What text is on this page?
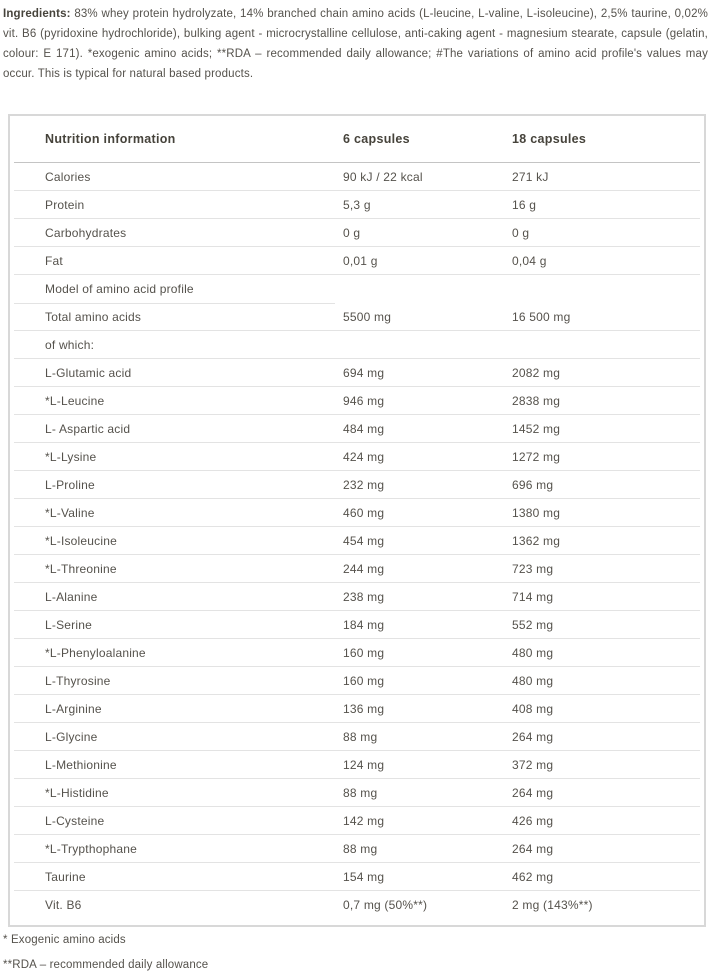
Ingredients: 83% whey protein hydrolyzate, 14% branched chain amino acids (L-leucine, L-valine, L-isoleucine), 2,5% taurine, 0,02% vit. B6 (pyridoxine hydrochloride), bulking agent - microcrystalline cellulose, anti-caking agent - magnesium stearate, capsule (gelatin, colour: E 171). *exogenic amino acids; **RDA – recommended daily allowance; #The variations of amino acid profile's values may occur. This is typical for natural based products.

Nutrition information	6 capsules	18 capsules
Calories	90 kJ / 22 kcal	271 kJ
Protein	5,3 g	16 g
Carbohydrates	0 g	0 g
Fat	0,01 g	0,04 g
Model of amino acid profile
Total amino acids	5500 mg	16 500 mg
of which:
L-Glutamic acid	694 mg	2082 mg
*L-Leucine	946 mg	2838 mg
L- Aspartic acid	484 mg	1452 mg
*L-Lysine	424 mg	1272 mg
L-Proline	232 mg	696 mg
*L-Valine	460 mg	1380 mg
*L-Isoleucine	454 mg	1362 mg
*L-Threonine	244 mg	723 mg
L-Alanine	238 mg	714 mg
L-Serine	184 mg	552 mg
*L-Phenyloalanine	160 mg	480 mg
L-Thyrosine	160 mg	480 mg
L-Arginine	136 mg	408 mg
L-Glycine	88 mg	264 mg
L-Methionine	124 mg	372 mg
*L-Histidine	88 mg	264 mg
L-Cysteine	142 mg	426 mg
*L-Trypthophane	88 mg	264 mg
Taurine	154 mg	462 mg
Vit. B6	0,7 mg (50%**)	2 mg (143%**)
* Exogenic amino acids
**RDA – recommended daily allowance
